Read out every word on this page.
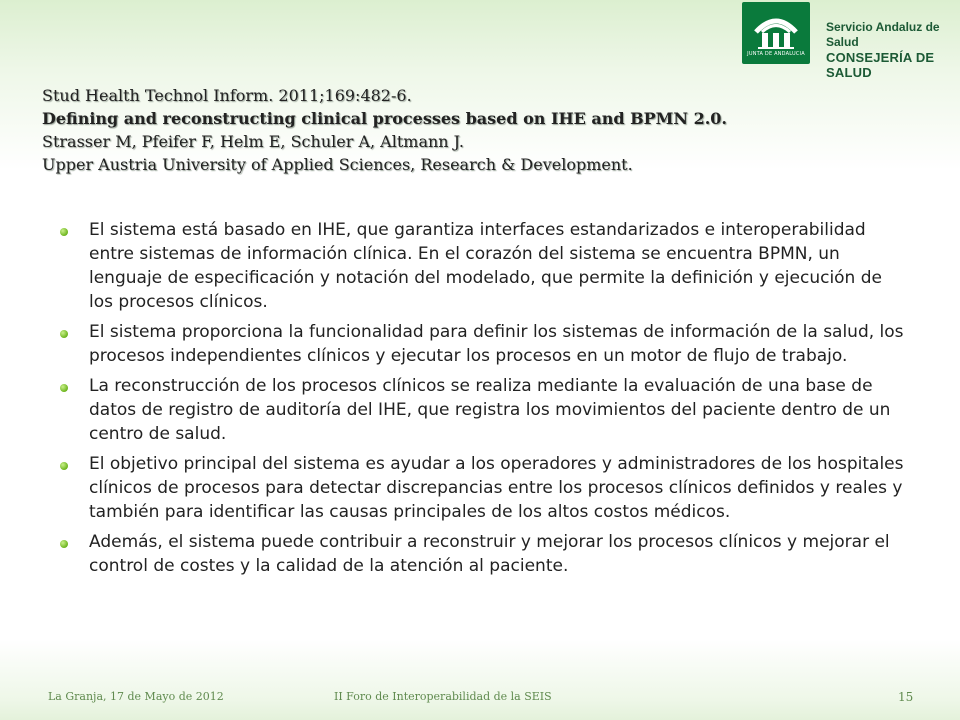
JUNTA DE ANDALUCIA
Servicio Andaluz de Salud
CONSEJERÍA DE SALUD
Stud Health Technol Inform. 2011;169:482-6.
Defining and reconstructing clinical processes based on IHE and BPMN 2.0.
Strasser M, Pfeifer F, Helm E, Schuler A, Altmann J.
Upper Austria University of Applied Sciences, Research & Development.
El sistema está basado en IHE, que garantiza interfaces estandarizados e interoperabilidad entre sistemas de información clínica. En el corazón del sistema se encuentra BPMN, un lenguaje de especificación y notación del modelado, que permite la definición y ejecución de los procesos clínicos.
El sistema proporciona la funcionalidad para definir los sistemas de información de la salud, los procesos independientes clínicos y ejecutar los procesos en un motor de flujo de trabajo.
La reconstrucción de los procesos clínicos se realiza mediante la evaluación de una base de datos de registro de auditoría del IHE, que registra los movimientos del paciente dentro de un centro de salud.
El objetivo principal del sistema es ayudar a los operadores y administradores de los hospitales clínicos de procesos para detectar discrepancias entre los procesos clínicos definidos y reales y también para identificar las causas principales de los altos costos médicos.
Además, el sistema puede contribuir a reconstruir y mejorar los procesos clínicos y mejorar el control de costes y la calidad de la atención al paciente.
La Granja, 17 de Mayo de 2012	II Foro de Interoperabilidad de la SEIS	15
